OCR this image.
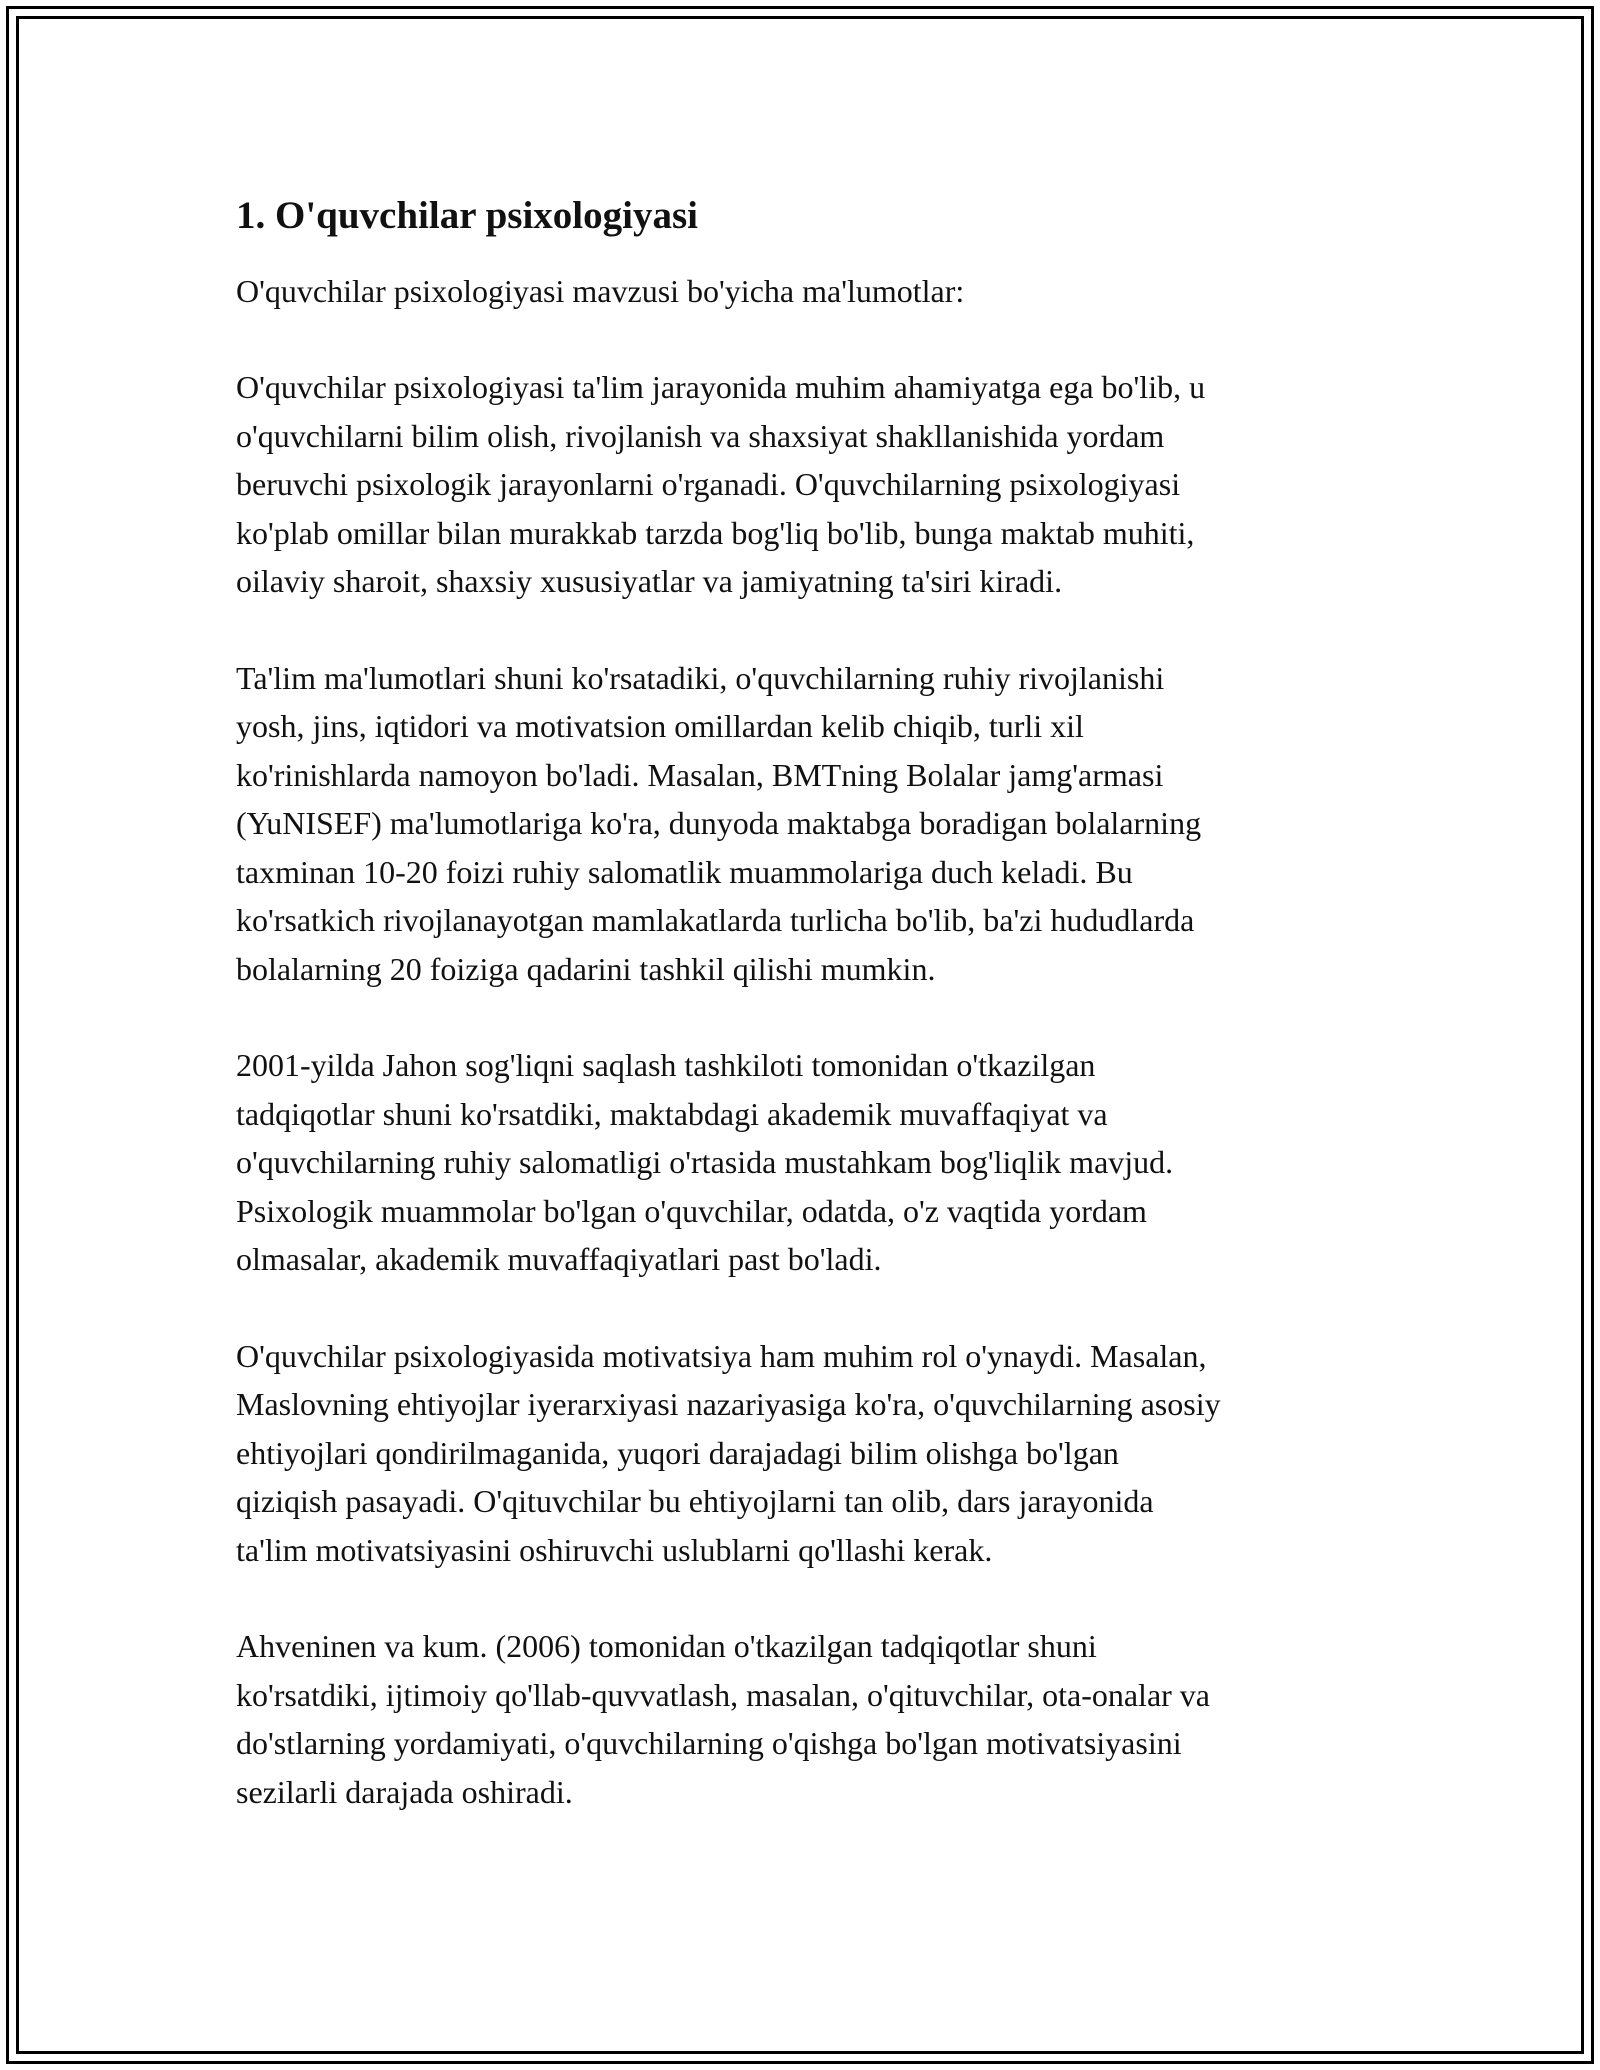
1. O'quvchilar psixologiyasi

O'quvchilar psixologiyasi mavzusi bo'yicha ma'lumotlar:

O'quvchilar psixologiyasi ta'lim jarayonida muhim ahamiyatga ega bo'lib, u
o'quvchilarni bilim olish, rivojlanish va shaxsiyat shakllanishida yordam
beruvchi psixologik jarayonlarni o'rganadi. O'quvchilarning psixologiyasi
ko'plab omillar bilan murakkab tarzda bog'liq bo'lib, bunga maktab muhiti,
oilaviy sharoit, shaxsiy xususiyatlar va jamiyatning ta'siri kiradi.

Ta'lim ma'lumotlari shuni ko'rsatadiki, o'quvchilarning ruhiy rivojlanishi
yosh, jins, iqtidori va motivatsion omillardan kelib chiqib, turli xil
ko'rinishlarda namoyon bo'ladi. Masalan, BMTning Bolalar jamg'armasi
(YuNISEF) ma'lumotlariga ko'ra, dunyoda maktabga boradigan bolalarning
taxminan 10-20 foizi ruhiy salomatlik muammolariga duch keladi. Bu
ko'rsatkich rivojlanayotgan mamlakatlarda turlicha bo'lib, ba'zi hududlarda
bolalarning 20 foiziga qadarini tashkil qilishi mumkin.

2001-yilda Jahon sog'liqni saqlash tashkiloti tomonidan o'tkazilgan
tadqiqotlar shuni ko'rsatdiki, maktabdagi akademik muvaffaqiyat va
o'quvchilarning ruhiy salomatligi o'rtasida mustahkam bog'liqlik mavjud.
Psixologik muammolar bo'lgan o'quvchilar, odatda, o'z vaqtida yordam
olmasalar, akademik muvaffaqiyatlari past bo'ladi.

O'quvchilar psixologiyasida motivatsiya ham muhim rol o'ynaydi. Masalan,
Maslovning ehtiyojlar iyerarxiyasi nazariyasiga ko'ra, o'quvchilarning asosiy
ehtiyojlari qondirilmaganida, yuqori darajadagi bilim olishga bo'lgan
qiziqish pasayadi. O'qituvchilar bu ehtiyojlarni tan olib, dars jarayonida
ta'lim motivatsiyasini oshiruvchi uslublarni qo'llashi kerak.

Ahveninen va kum. (2006) tomonidan o'tkazilgan tadqiqotlar shuni
ko'rsatdiki, ijtimoiy qo'llab-quvvatlash, masalan, o'qituvchilar, ota-onalar va
do'stlarning yordamiyati, o'quvchilarning o'qishga bo'lgan motivatsiyasini
sezilarli darajada oshiradi.
